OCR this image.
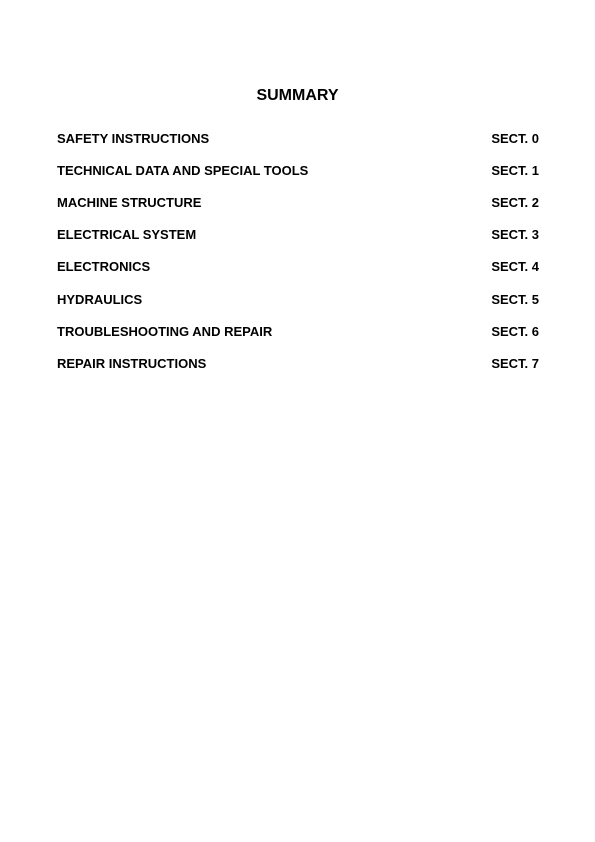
SUMMARY
SAFETY INSTRUCTIONS	SECT. 0
TECHNICAL DATA AND SPECIAL TOOLS	SECT. 1
MACHINE STRUCTURE	SECT. 2
ELECTRICAL SYSTEM	SECT. 3
ELECTRONICS	SECT. 4
HYDRAULICS	SECT. 5
TROUBLESHOOTING AND REPAIR	SECT. 6
REPAIR INSTRUCTIONS	SECT. 7
